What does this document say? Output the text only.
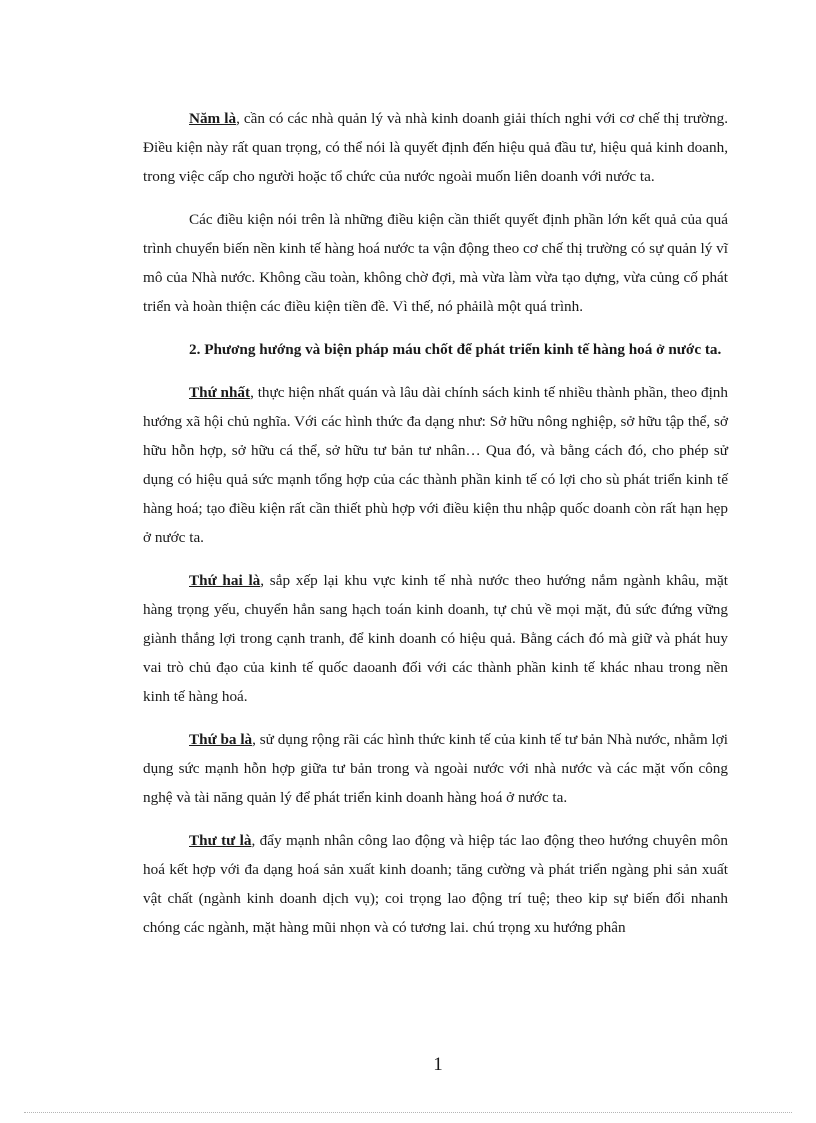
Năm là, cần có các nhà quản lý và nhà kinh doanh giải thích nghi với cơ chế thị trường. Điều kiện này rất quan trọng, có thể nói là quyết định đến hiệu quả đầu tư, hiệu quả kinh doanh, trong việc cấp cho người hoặc tổ chức của nước ngoài muốn liên doanh với nước ta.

Các điều kiện nói trên là những điều kiện cần thiết quyết định phần lớn kết quả của quá trình chuyển biến nền kinh tế hàng hoá nước ta vận động theo cơ chế thị trường có sự quản lý vĩ mô của Nhà nước. Không cầu toàn, không chờ đợi, mà vừa làm vừa tạo dựng, vừa củng cố phát triển và hoàn thiện các điều kiện tiền đề. Vì thế, nó phảilà một quá trình.

2. Phương hướng và biện pháp máu chốt để phát triển kinh tế hàng hoá ở nước ta.

Thứ nhất, thực hiện nhất quán và lâu dài chính sách kinh tế nhiều thành phần, theo định hướng xã hội chủ nghĩa. Với các hình thức đa dạng như: Sở hữu nông nghiệp, sở hữu tập thể, sở hữu hỗn hợp, sở hữu cá thể, sở hữu tư bản tư nhân… Qua đó, và bằng cách đó, cho phép sử dụng có hiệu quả sức mạnh tổng hợp của các thành phần kinh tế có lợi cho sù phát triển kinh tế hàng hoá; tạo điều kiện rất cần thiết phù hợp với điều kiện thu nhập quốc doanh còn rất hạn hẹp ở nước ta.

Thứ hai là, sắp xếp lại khu vực kinh tế nhà nước theo hướng nắm ngành khâu, mặt hàng trọng yếu, chuyển hẳn sang hạch toán kinh doanh, tự chủ về mọi mặt, đủ sức đứng vững giành thắng lợi trong cạnh tranh, để kinh doanh có hiệu quả. Bằng cách đó mà giữ và phát huy vai trò chủ đạo của kinh tế quốc daoanh đối với các thành phần kinh tế khác nhau trong nền kinh tế hàng hoá.

Thứ ba là, sử dụng rộng rãi các hình thức kinh tế của kinh tế tư bản Nhà nước, nhằm lợi dụng sức mạnh hỗn hợp giữa tư bản trong và ngoài nước với nhà nước và các mặt vốn công nghệ và tài năng quản lý để phát triển kinh doanh hàng hoá ở nước ta.

Thư tư là, đẩy mạnh nhân công lao động và hiệp tác lao động theo hướng chuyên môn hoá kết hợp với đa dạng hoá sản xuất kinh doanh; tăng cường và phát triển ngàng phi sản xuất vật chất (ngành kinh doanh dịch vụ); coi trọng lao động trí tuệ; theo kip sự biến đổi nhanh chóng các ngành, mặt hàng mũi nhọn và có tương lai. chú trọng xu hướng phân

1
